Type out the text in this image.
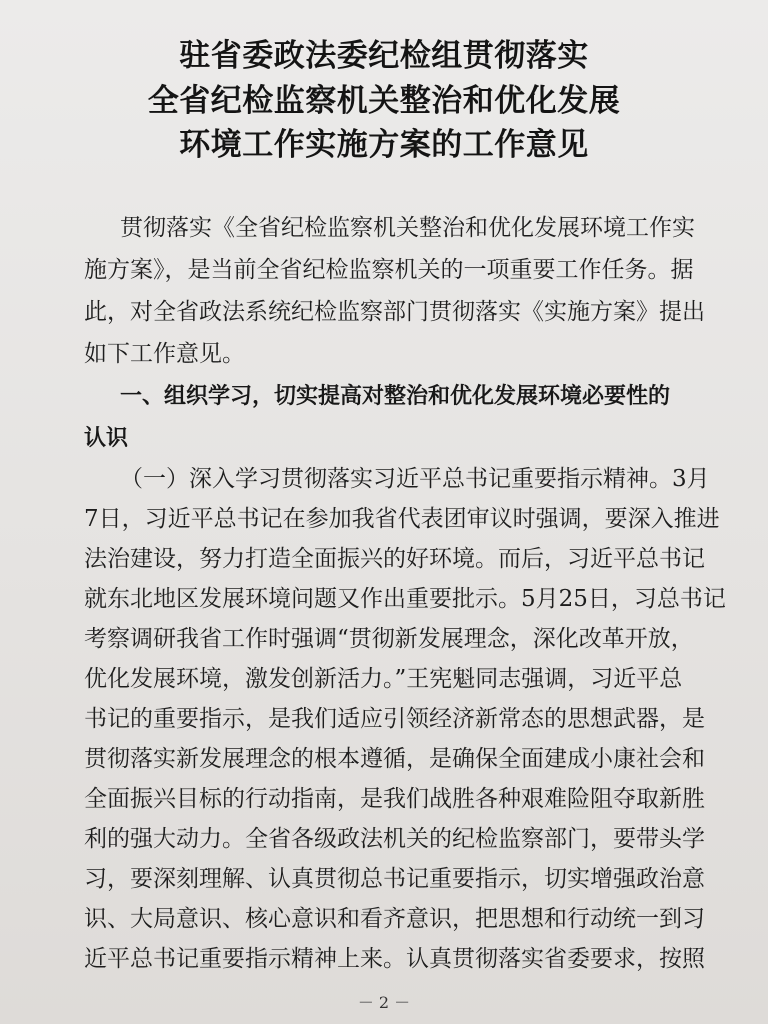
驻省委政法委纪检组贯彻落实
全省纪检监察机关整治和优化发展
环境工作实施方案的工作意见
贯彻落实《全省纪检监察机关整治和优化发展环境工作实
施方案》，是当前全省纪检监察机关的一项重要工作任务。据
此，对全省政法系统纪检监察部门贯彻落实《实施方案》提出
如下工作意见。
一、组织学习，切实提高对整治和优化发展环境必要性的
认识
（一）深入学习贯彻落实习近平总书记重要指示精神。3月
7日，习近平总书记在参加我省代表团审议时强调，要深入推进
法治建设，努力打造全面振兴的好环境。而后，习近平总书记
就东北地区发展环境问题又作出重要批示。5月25日，习总书记
考察调研我省工作时强调“贯彻新发展理念，深化改革开放，
优化发展环境，激发创新活力。”王宪魁同志强调，习近平总
书记的重要指示，是我们适应引领经济新常态的思想武器，是
贯彻落实新发展理念的根本遵循，是确保全面建成小康社会和
全面振兴目标的行动指南，是我们战胜各种艰难险阻夺取新胜
利的强大动力。全省各级政法机关的纪检监察部门，要带头学
习，要深刻理解、认真贯彻总书记重要指示，切实增强政治意
识、大局意识、核心意识和看齐意识，把思想和行动统一到习
近平总书记重要指示精神上来。认真贯彻落实省委要求，按照
－ 2 －
